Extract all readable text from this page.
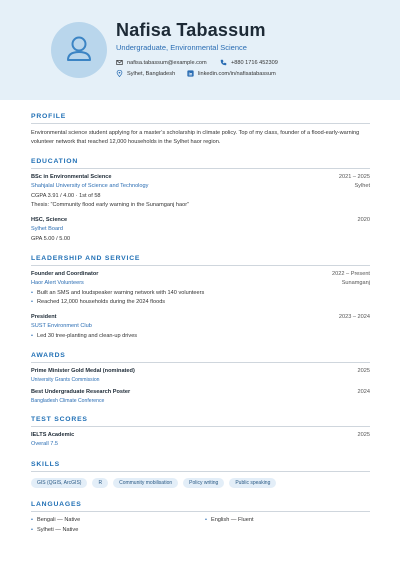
Nafisa Tabassum
Undergraduate, Environmental Science
nafisa.tabassum@example.com	+880 1716 452309
Sylhet, Bangladesh in linkedin.com/in/nafisatabassum
PROFILE
Environmental science student applying for a master’s scholarship in climate policy. Top of my class, founder of a flood-early-warning volunteer network that reached 12,000 households in the Sylhet haor region.
EDUCATION
BSc in Environmental Science	2021 – 2025
Shahjalal University of Science and Technology	Sylhet
CGPA 3.91 / 4.00 · 1st of 58
Thesis: “Community flood early warning in the Sunamganj haor”
HSC, Science	2020
Sylhet Board
GPA 5.00 / 5.00
LEADERSHIP AND SERVICE
Founder and Coordinator	2022 – Present
Haor Alert Volunteers	Sunamganj
• Built an SMS and loudspeaker warning network with 140 volunteers
• Reached 12,000 households during the 2024 floods
President	2023 – 2024
SUST Environment Club
• Led 30 tree-planting and clean-up drives
AWARDS
Prime Minister Gold Medal (nominated)	2025
University Grants Commission
Best Undergraduate Research Poster	2024
Bangladesh Climate Conference
TEST SCORES
IELTS Academic	2025
Overall 7.5
SKILLS
GIS (QGIS, ArcGIS)	R	Community mobilisation	Policy writing	Public speaking
LANGUAGES
• Bengali — Native	• English — Fluent
• Sylheti — Native
